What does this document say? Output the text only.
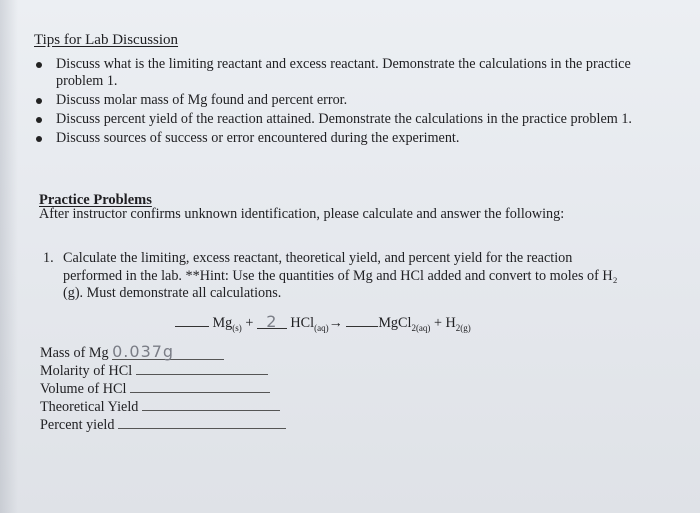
Tips for Lab Discussion
Discuss what is the limiting reactant and excess reactant. Demonstrate the calculations in the practice problem 1.
Discuss molar mass of Mg found and percent error.
Discuss percent yield of the reaction attained. Demonstrate the calculations in the practice problem 1.
Discuss sources of success or error encountered during the experiment.
Practice Problems
After instructor confirms unknown identification, please calculate and answer the following:
1. Calculate the limiting, excess reactant, theoretical yield, and percent yield for the reaction performed in the lab. **Hint: Use the quantities of Mg and HCl added and convert to moles of H₂ (g). Must demonstrate all calculations.
$Mg_{(s)} + 2$ HCl$_{(aq)}$→	MgCl$_{2(aq)}$ + $H_{2(g)}$
Mass of Mg 0.037g
Molarity of HCl
Volume of HCl
Theoretical Yield
Percent yield
